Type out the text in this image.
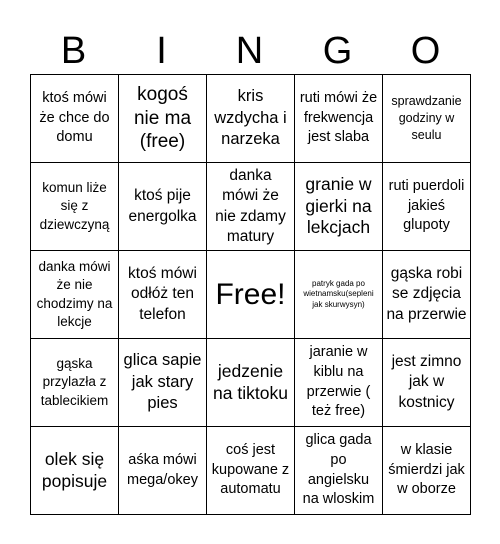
B	I	N	G	O
ktoś mówi że chce do domu
kogoś nie ma (free)
kris wzdycha i narzeka
ruti mówi że frekwencja jest slaba
sprawdzanie godziny w seulu
komun liże się z dziewczyną
ktoś pije energolka
danka mówi że nie zdamy matury
granie w gierki na lekcjach
ruti puerdoli jakieś glupoty
danka mówi że nie chodzimy na lekcje
ktoś mówi odłóż ten telefon
Free!	patryk gada po wietnamsku(sepleni jak skurwysyn)
gąska robi se zdjęcia na przerwie
gąska przylazła z tablecikiem
glica sapie jak stary pies
jedzenie na tiktoku
jaranie w kiblu na przerwie ( też free)
jest zimno jak w kostnicy
olek się popisuje
aśka mówi mega/okey
coś jest kupowane z automatu
glica gada po angielsku na wloskim
w klasie śmierdzi jak w oborze
